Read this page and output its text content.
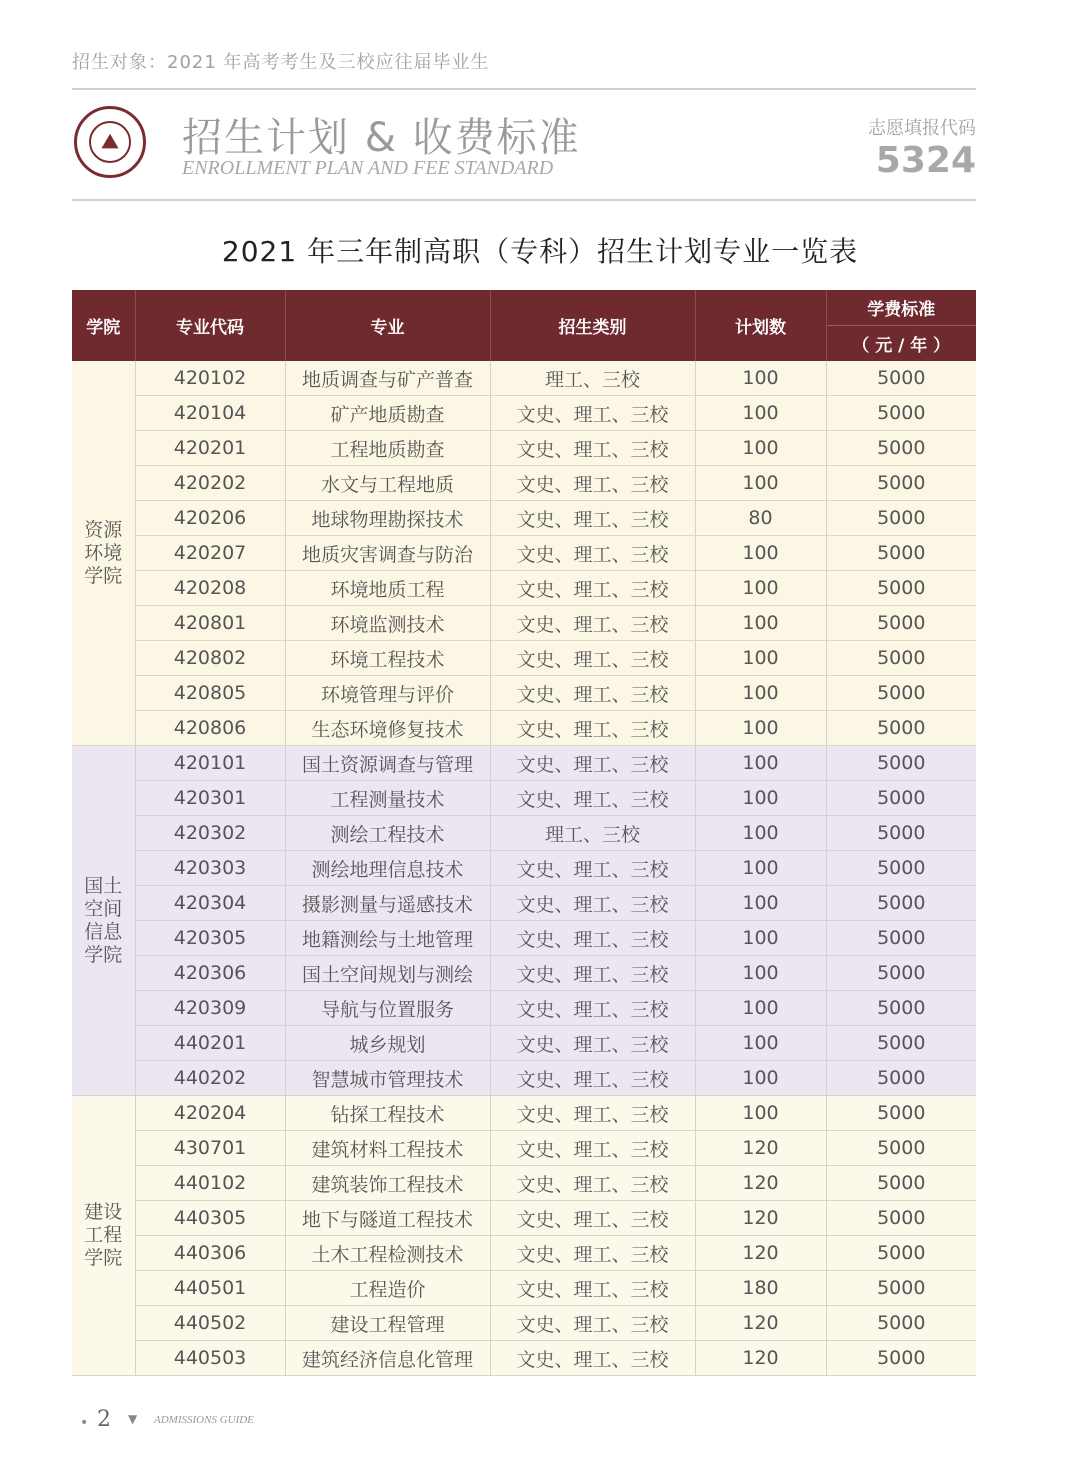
招生对象：2021 年高考考生及三校应往届毕业生
⛰	招生计划 & 收费标准
ENROLLMENT PLAN AND FEE STANDARD
志愿填报代码
5324
2021 年三年制高职（专科）招生计划专业一览表
学院	专业代码	专业	招生类别	计划数	学费标准
					（ 元 / 年 ）

资源
环境
学院	420102	地质调查与矿产普查	理工、三校	100	5000
	420104	矿产地质勘查	文史、理工、三校	100	5000
	420201	工程地质勘查	文史、理工、三校	100	5000
	420202	水文与工程地质	文史、理工、三校	100	5000
	420206	地球物理勘探技术	文史、理工、三校	80	5000
	420207	地质灾害调查与防治	文史、理工、三校	100	5000
	420208	环境地质工程	文史、理工、三校	100	5000
	420801	环境监测技术	文史、理工、三校	100	5000
	420802	环境工程技术	文史、理工、三校	100	5000
	420805	环境管理与评价	文史、理工、三校	100	5000
	420806	生态环境修复技术	文史、理工、三校	100	5000

国土
空间
信息
学院	420101	国土资源调查与管理	文史、理工、三校	100	5000
	420301	工程测量技术	文史、理工、三校	100	5000
	420302	测绘工程技术	理工、三校	100	5000
	420303	测绘地理信息技术	文史、理工、三校	100	5000
	420304	摄影测量与遥感技术	文史、理工、三校	100	5000
	420305	地籍测绘与土地管理	文史、理工、三校	100	5000
	420306	国土空间规划与测绘	文史、理工、三校	100	5000
	420309	导航与位置服务	文史、理工、三校	100	5000
	440201	城乡规划	文史、理工、三校	100	5000
	440202	智慧城市管理技术	文史、理工、三校	100	5000

建设
工程
学院	420204	钻探工程技术	文史、理工、三校	100	5000
	430701	建筑材料工程技术	文史、理工、三校	120	5000
	440102	建筑装饰工程技术	文史、理工、三校	120	5000
	440305	地下与隧道工程技术	文史、理工、三校	120	5000
	440306	土木工程检测技术	文史、理工、三校	120	5000
	440501	工程造价	文史、理工、三校	180	5000
	440502	建设工程管理	文史、理工、三校	120	5000
	440503	建筑经济信息化管理	文史、理工、三校	120	5000
• 2 ▼ ADMISSIONS GUIDE
